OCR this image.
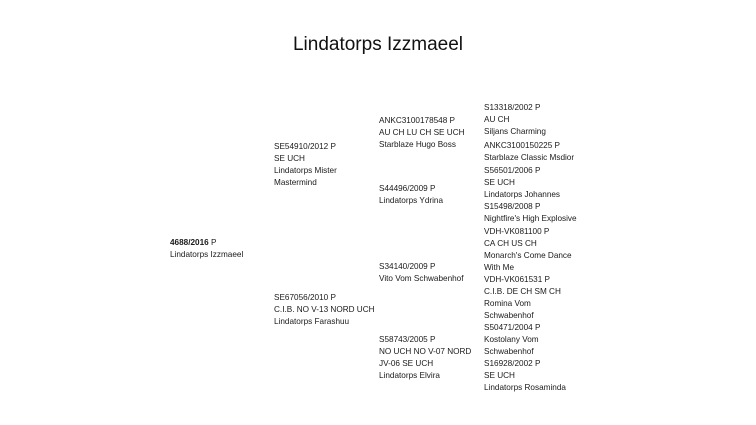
Lindatorps Izzmaeel
4688/2016 P
Lindatorps Izzmaeel
SE54910/2012 P
SE UCH
Lindatorps Mister
Mastermind
SE67056/2010 P
C.I.B. NO V-13 NORD UCH
Lindatorps Farashuu
ANKC3100178548 P
AU CH LU CH SE UCH
Starblaze Hugo Boss
S44496/2009 P
Lindatorps Ydrina
S34140/2009 P
Vito Vom Schwabenhof
S58743/2005 P
NO UCH NO V-07 NORD
JV-06 SE UCH
Lindatorps Elvira
S13318/2002 P
AU CH
Siljans Charming
ANKC3100150225 P
Starblaze Classic Msdior
S56501/2006 P
SE UCH
Lindatorps Johannes
S15498/2008 P
Nightfire's High Explosive
VDH-VK081100 P
CA CH US CH
Monarch's Come Dance
With Me
VDH-VK061531 P
C.I.B. DE CH SM CH
Romina Vom
Schwabenhof
S50471/2004 P
Kostolany Vom
Schwabenhof
S16928/2002 P
SE UCH
Lindatorps Rosaminda
